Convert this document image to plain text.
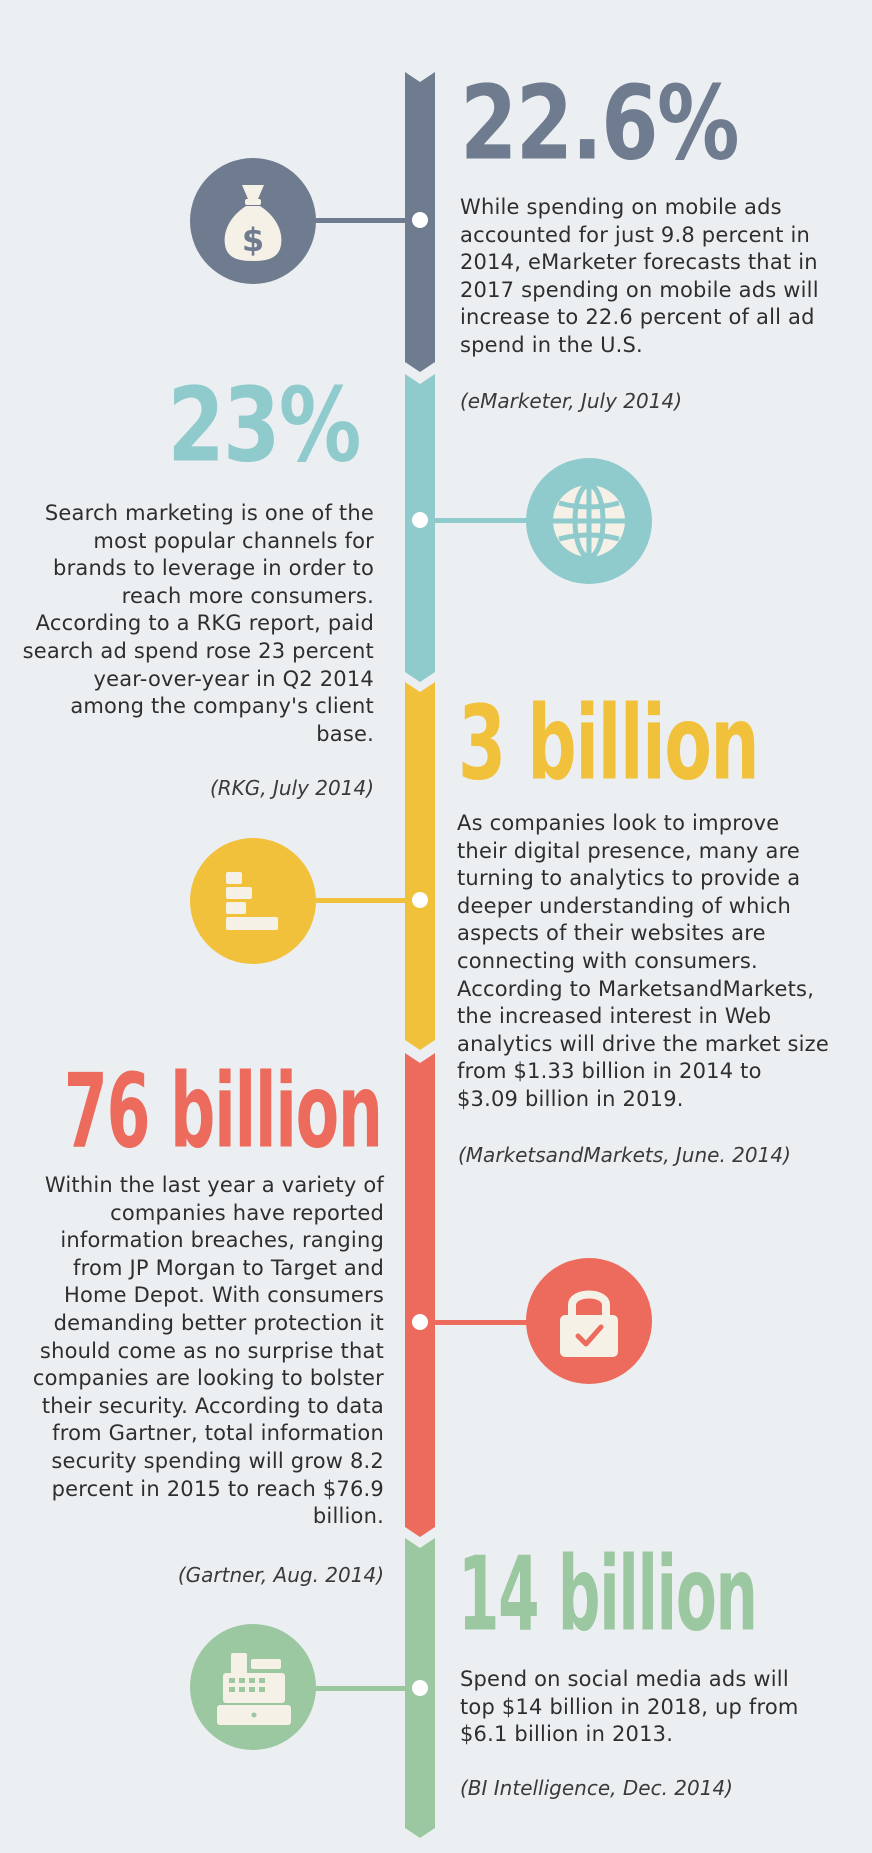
$
22.6%

While spending on mobile ads accounted for just 9.8 percent in 2014, eMarketer forecasts that in 2017 spending on mobile ads will increase to 22.6 percent of all ad spend in the U.S.

(eMarketer, July 2014)

23%

Search marketing is one of the most popular channels for brands to leverage in order to reach more consumers. According to a RKG report, paid search ad spend rose 23 percent year-over-year in Q2 2014 among the company's client base.

(RKG, July 2014) 3 billion

As companies look to improve their digital presence, many are turning to analytics to provide a deeper understanding of which aspects of their websites are connecting with consumers. According to MarketsandMarkets, the increased interest in Web analytics will drive the market size from $1.33 billion in 2014 to $3.09 billion in 2019.

(MarketsandMarkets, June. 2014)

76 billion

Within the last year a variety of companies have reported information breaches, ranging from JP Morgan to Target and Home Depot. With consumers demanding better protection it should come as no surprise that companies are looking to bolster their security. According to data from Gartner, total information security spending will grow 8.2 percent in 2015 to reach $76.9 billion.

(Gartner, Aug. 2014) 14 billion

Spend on social media ads will top $14 billion in 2018, up from $6.1 billion in 2013.

(BI Intelligence, Dec. 2014)
